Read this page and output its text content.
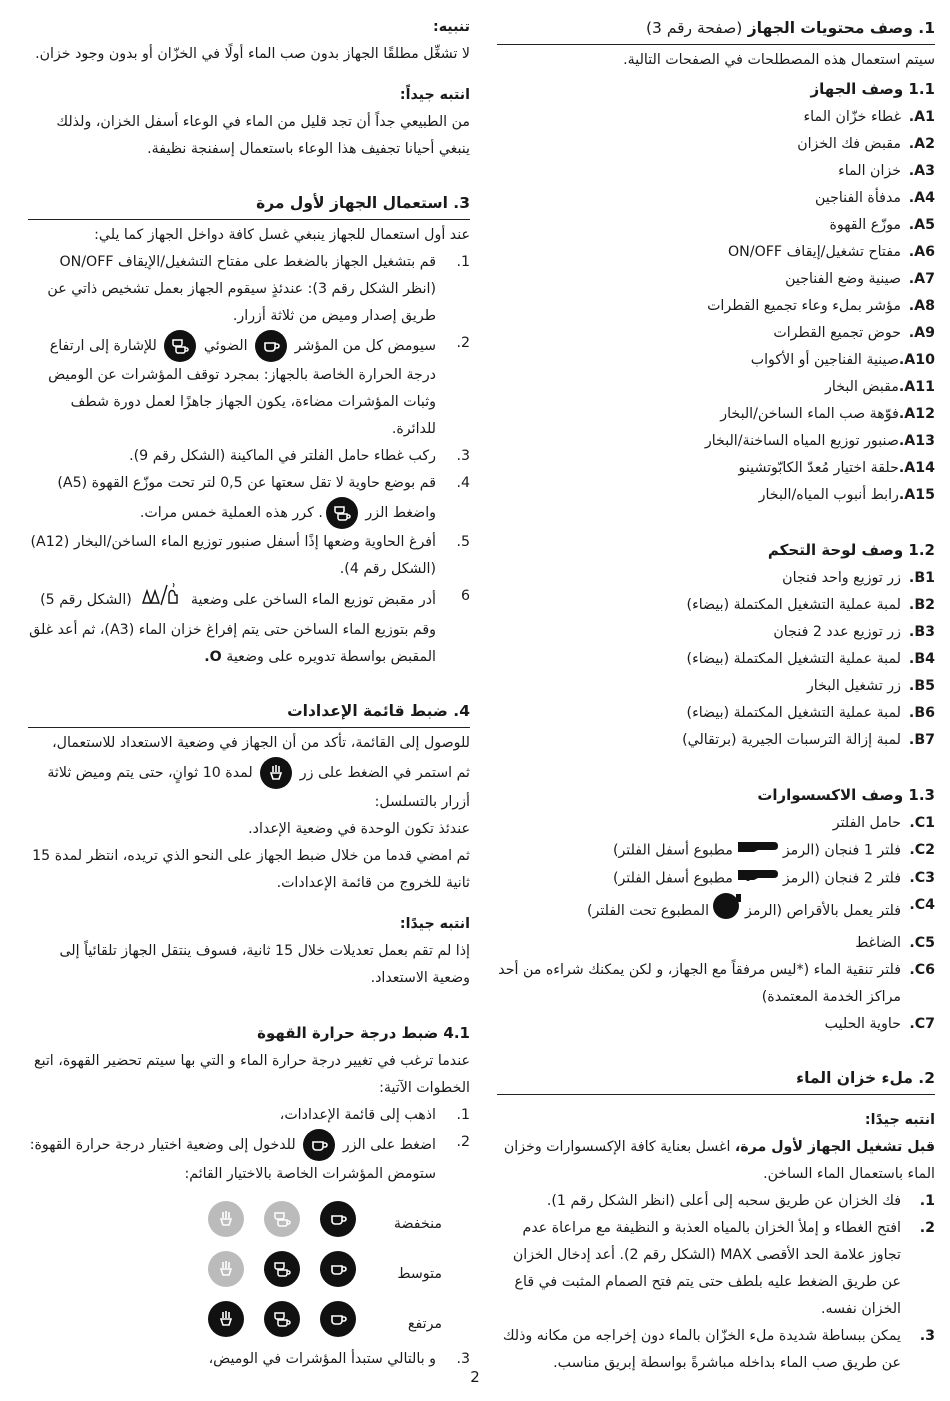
1. وصف محتويات الجهاز (صفحة رقم 3)

سيتم استعمال هذه المصطلحات في الصفحات التالية.

1.1 وصف الجهاز
A1.
غطاء خزّان الماء
A2.
مقبض فك الخزان
A3.
خزان الماء
A4.
مدفأة الفناجين
A5.
موزّع القهوة
A6.
مفتاح تشغيل/إيقاف ON/OFF
A7.
صينية وضع الفناجين
A8.
مؤشر بملء وعاء تجميع القطرات
A9.
حوض تجميع القطرات
A10.
صينية الفناجين أو الأكواب
A11.
مقبض البخار
A12.
فوّهة صب الماء الساخن/البخار
A13.
صنبور توزيع المياه الساخنة/البخار
A14.
حلقة اختيار مُعدّ الكابّوتشينو
A15.
رابط أنبوب المياه/البخار
1.2 وصف لوحة التحكم
B1.
زر توزيع واحد فنجان
B2.
لمبة عملية التشغيل المكتملة (بيضاء)
B3.
زر توزيع عدد 2 فنجان
B4.
لمبة عملية التشغيل المكتملة (بيضاء)
B5.
زر تشغيل البخار
B6.
لمبة عملية التشغيل المكتملة (بيضاء)
B7.
لمبة إزالة الترسبات الجيرية (برتقالي)
1.3 وصف الاكسسوارات
C1.
حامل الفلتر
C2.
فلتر 1 فنجان (الرمزمطبوع أسفل الفلتر)
C3.
فلتر 2 فنجان (الرمزمطبوع أسفل الفلتر)
C4.
فلتر يعمل بالأقراص (الرمزالمطبوع تحت الفلتر)
C5.
الضاغط
C6.
فلتر تنقية الماء (*ليس مرفقاً مع الجهاز، و لكن يمكنك شراءه من أحد مراكز الخدمة المعتمدة)
C7.
حاوية الحليب
2. ملء خزان الماء

انتبه جيدًا:

قبل تشغيل الجهاز لأول مرة، اغسل بعناية كافة الإكسسوارات وخزان الماء باستعمال الماء الساخن.

1.
فك الخزان عن طريق سحبه إلى أعلى (انظر الشكل رقم 1).
2.
افتح الغطاء و إملأ الخزان بالمياه العذبة و النظيفة مع مراعاة عدم تجاوز علامة الحد الأقصى MAX (الشكل رقم 2). أعد إدخال الخزان عن طريق الضغط عليه بلطف حتى يتم فتح الصمام المثبت في قاع الخزان نفسه.
3.
يمكن ببساطة شديدة ملء الخزّان بالماء دون إخراجه من مكانه وذلك عن طريق صب الماء بداخله مباشرةً بواسطة إبريق مناسب.

تنبيه:

لا تشغِّل مطلقًا الجهاز بدون صب الماء أولًا في الخزّان أو بدون وجود خزان.

انتبه جيداً:

من الطبيعي جداً أن تجد قليل من الماء في الوعاء أسفل الخزان، ولذلك ينبغي أحيانا تجفيف هذا الوعاء باستعمال إسفنجة نظيفة.

3. استعمال الجهاز لأول مرة

عند أول استعمال للجهاز ينبغي غسل كافة دواخل الجهاز كما يلي:

1.
قم بتشغيل الجهاز بالضغط على مفتاح التشغيل/الإيقاف ON/OFF (انظر الشكل رقم 3): عندئذٍ سيقوم الجهاز بعمل تشخيص ذاتي عن طريق إصدار وميض من ثلاثة أزرار.
2.
سيومض كل من المؤشر
الضوئي
للإشارة إلى ارتفاع درجة الحرارة الخاصة بالجهاز: بمجرد توقف المؤشرات عن الوميض وثبات المؤشرات مضاءة، يكون الجهاز جاهزًا لعمل دورة شطف للدائرة.
3.
ركب غطاء حامل الفلتر في الماكينة (الشكل رقم 9).
4.
قم بوضع حاوية لا تقل سعتها عن 0,5 لتر تحت موزّع القهوة (A5) واضغط الزر
. كرر هذه العملية خمس مرات.
5.
أفرغ الحاوية وضعها إذًا أسفل صنبور توزيع الماء الساخن/البخار (A12) (الشكل رقم 4).
6
أدر مقبض توزيع الماء الساخن على وضعية  (الشكل رقم 5) وقم بتوزيع الماء الساخن حتى يتم إفراغ خزان الماء (A3)، ثم أعد غلق المقبض بواسطة تدويره على وضعية O.
4. ضبط قائمة الإعدادات

للوصول إلى القائمة، تأكد من أن الجهاز في وضعية الاستعداد للاستعمال،

ثم استمر في الضغط على زر
لمدة 10 ثوانٍ، حتى يتم وميض ثلاثة أزرار بالتسلسل:

عندئذ تكون الوحدة في وضعية الإعداد.

ثم امضي قدما من خلال ضبط الجهاز على النحو الذي تريده، انتظر لمدة 15 ثانية للخروج من قائمة الإعدادات.

انتبه جيدًا:

إذا لم تقم بعمل تعديلات خلال 15 ثانية، فسوف ينتقل الجهاز تلقائياً إلى وضعية الاستعداد.

4.1 ضبط درجة حرارة القهوة

عندما ترغب في تغيير درجة حرارة الماء و التي بها سيتم تحضير القهوة، اتبع الخطوات الآتية:

1.
اذهب إلى قائمة الإعدادات،
2.
اضغط على الزر
للدخول إلى وضعية اختيار درجة حرارة القهوة: ستومض المؤشرات الخاصة بالاختيار القائم:
منخفضة
متوسط
مرتفع
3.
و بالتالي ستبدأ المؤشرات في الوميض،
2
